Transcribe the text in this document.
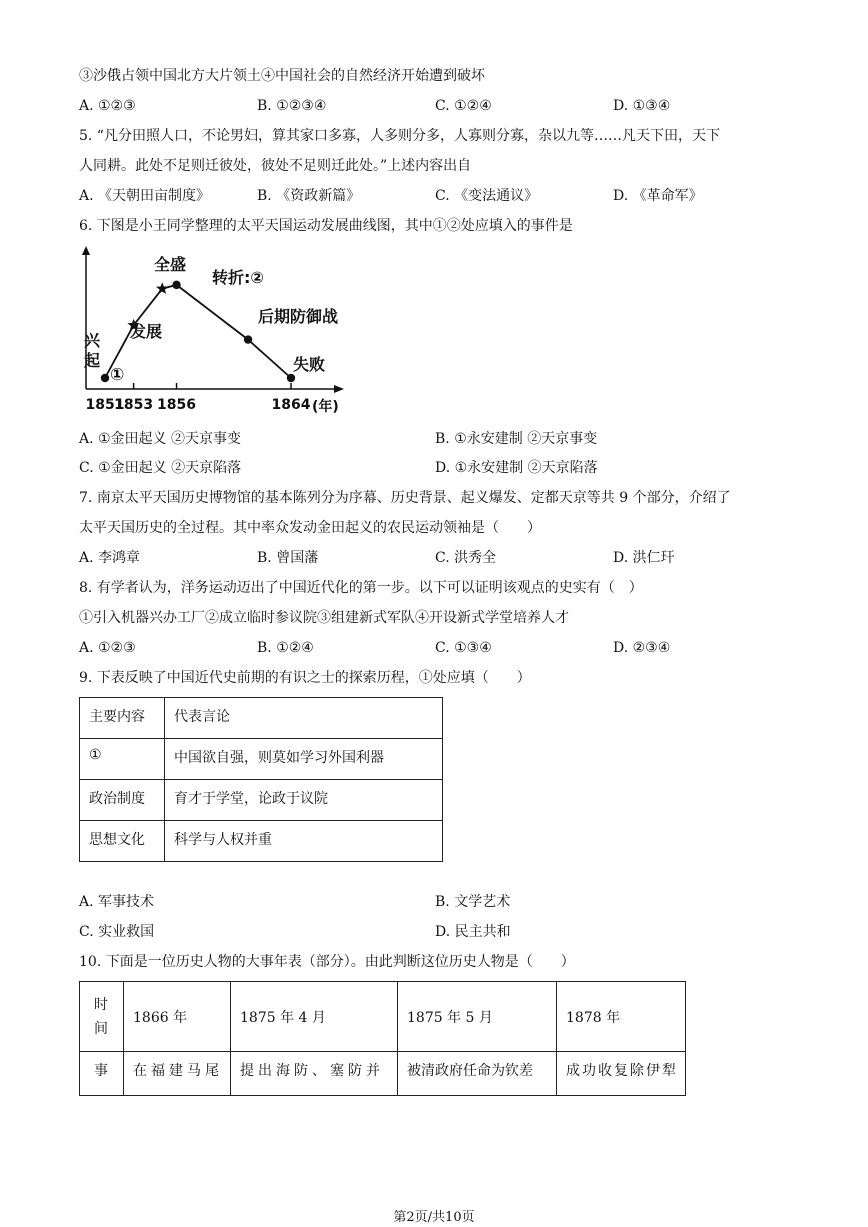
③沙俄占领中国北方大片领土④中国社会的自然经济开始遭到破坏
A. ①②③	B. ①②③④	C. ①②④	D. ①③④
5. “凡分田照人口，不论男妇，算其家口多寡，人多则分多，人寡则分寡，杂以九等……凡天下田，天下
人同耕。此处不足则迁彼处，彼处不足则迁此处。”上述内容出自
A. 《天朝田亩制度》	B. 《资政新篇》	C. 《变法通议》	D. 《革命军》
6. 下图是小王同学整理的太平天国运动发展曲线图，其中①②处应填入的事件是
1851
1853 1856	1864
兴
起
①
发展
全盛
转折:②
后期防御战
失败
(年)
A. ①金田起义 ②天京事变	B. ①永安建制 ②天京事变
C. ①金田起义 ②天京陷落	D. ①永安建制 ②天京陷落
7. 南京太平天国历史博物馆的基本陈列分为序幕、历史背景、起义爆发、定都天京等共 9 个部分，介绍了
太平天国历史的全过程。其中率众发动金田起义的农民运动领袖是（　　）
A. 李鸿章	B. 曾国藩	C. 洪秀全	D. 洪仁玕
8. 有学者认为，洋务运动迈出了中国近代化的第一步。以下可以证明该观点的史实有（　）
①引入机器兴办工厂②成立临时参议院③组建新式军队④开设新式学堂培养人才
A. ①②③	B. ①②④	C. ①③④	D. ②③④
9. 下表反映了中国近代史前期的有识之士的探索历程，①处应填（　　）
主要内容	代表言论
①	中国欲自强，则莫如学习外国利器
政治制度	育才于学堂，论政于议院
思想文化	科学与人权并重
A. 军事技术	B. 文学艺术
C. 实业救国	D. 民主共和
10. 下面是一位历史人物的大事年表（部分）。由此判断这位历史人物是（　　）
时
间	1866 年	1875 年 4 月	1875 年 5 月	1878 年
事	在福建马尾	提出海防、塞防并	被清政府任命为钦差	成功收复除伊犁
第2页/共10页
